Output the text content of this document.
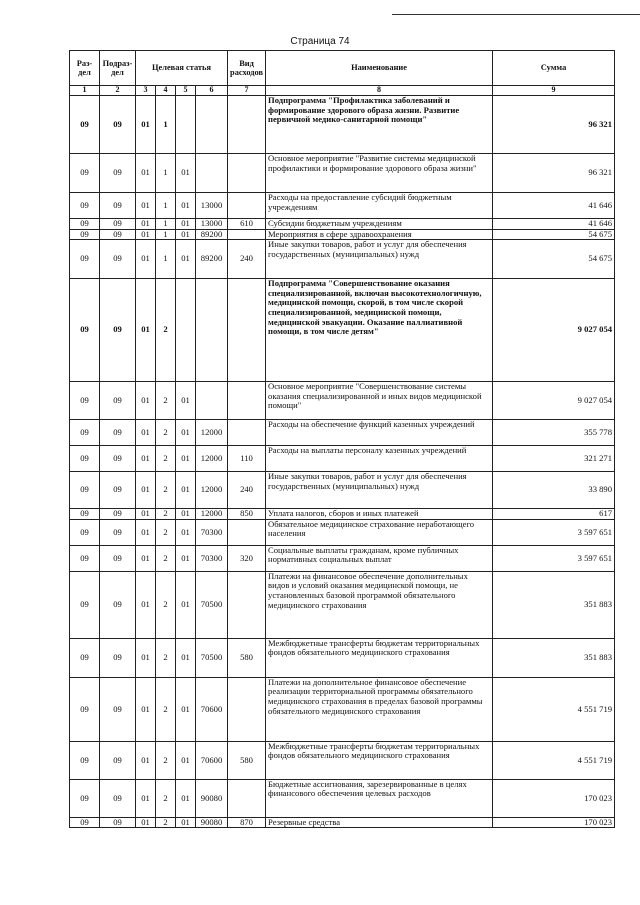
Страница 74
Раз-дел	Подраз-дел	Целевая статья				Вид расходов	Наименование	Сумма
1	2	3	4	5	6	7	8	9
09	09	01	1				Подпрограмма "Профилактика заболеваний и формирование здорового образа жизни. Развитие первичной медико-санитарной помощи"	96 321
09	09	01	1	01			Основное мероприятие "Развитие системы медицинской профилактики и формирование здорового образа жизни"	96 321
09	09	01	1	01	13000		Расходы на предоставление субсидий бюджетным учреждениям	41 646
09	09	01	1	01	13000	610	Субсидии бюджетным учреждениям	41 646
09	09	01	1	01	89200		Мероприятия в сфере здравоохранения	54 675
09	09	01	1	01	89200	240	Иные закупки товаров, работ и услуг для обеспечения государственных (муниципальных) нужд	54 675
09	09	01	2				Подпрограмма "Совершенствование оказания специализированной, включая высокотехнологичную, медицинской помощи, скорой, в том числе скорой специализированной, медицинской помощи, медицинской эвакуации. Оказание паллиативной помощи, в том числе детям"	9 027 054
09	09	01	2	01			Основное мероприятие "Совершенствование системы оказания специализированной и иных видов медицинской помощи"	9 027 054
09	09	01	2	01	12000		Расходы на обеспечение функций казенных учреждений	355 778
09	09	01	2	01	12000	110	Расходы на выплаты персоналу казенных учреждений	321 271
09	09	01	2	01	12000	240	Иные закупки товаров, работ и услуг для обеспечения государственных (муниципальных) нужд	33 890
09	09	01	2	01	12000	850	Уплата налогов, сборов и иных платежей	617
09	09	01	2	01	70300		Обязательное медицинское страхование неработающего населения	3 597 651
09	09	01	2	01	70300	320	Социальные выплаты гражданам, кроме публичных нормативных социальных выплат	3 597 651
09	09	01	2	01	70500		Платежи на финансовое обеспечение дополнительных видов и условий оказания медицинской помощи, не установленных базовой программой обязательного медицинского страхования	351 883
09	09	01	2	01	70500	580	Межбюджетные трансферты бюджетам территориальных фондов обязательного медицинского страхования	351 883
09	09	01	2	01	70600		Платежи на дополнительное финансовое обеспечение реализации территориальной программы обязательного медицинского страхования в пределах базовой программы обязательного медицинского страхования	4 551 719
09	09	01	2	01	70600	580	Межбюджетные трансферты бюджетам территориальных фондов обязательного медицинского страхования	4 551 719
09	09	01	2	01	90080		Бюджетные ассигнования, зарезервированные в целях финансового обеспечения целевых расходов	170 023
09	09	01	2	01	90080	870	Резервные средства	170 023
